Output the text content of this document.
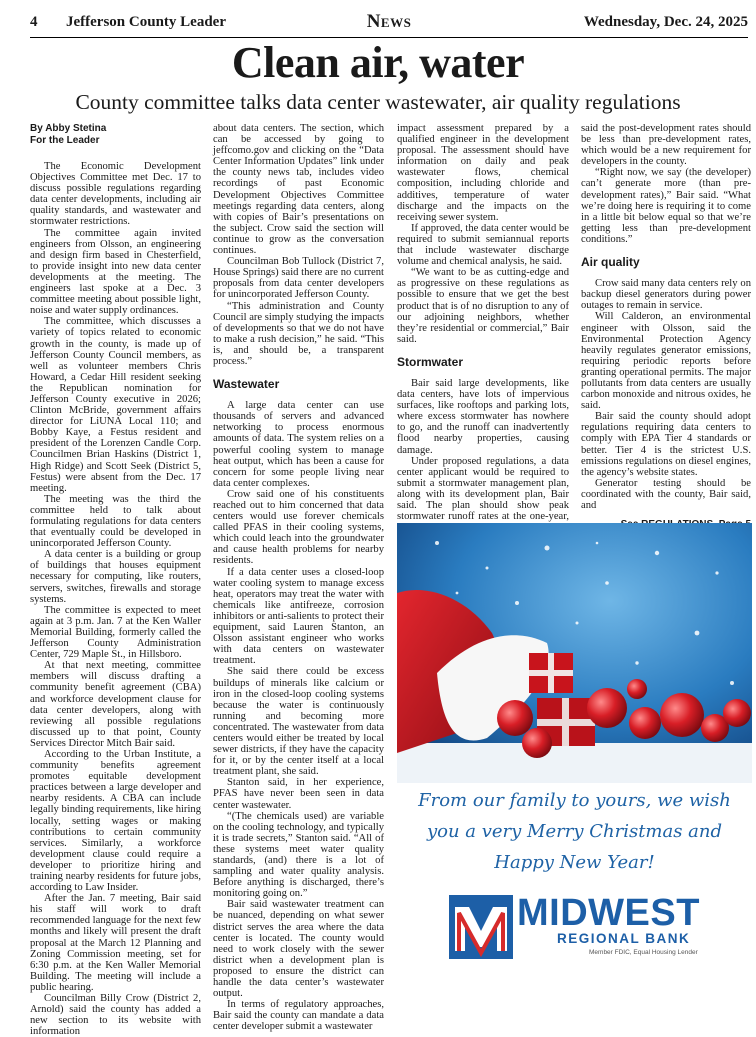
4 Jefferson County Leader	News	Wednesday, Dec. 24, 2025
Clean air, water
County committee talks data center wastewater, air quality regulations
By Abby Stetina
For the Leader

The Economic Development Objectives Committee met Dec. 17 to discuss possible regulations regarding data center developments, including air quality standards, and wastewater and stormwater restrictions.

The committee again invited engineers from Olsson, an engineering and design firm based in Chesterfield, to provide insight into new data center developments at the meeting. The engineers last spoke at a Dec. 3 committee meeting about possible light, noise and water supply ordinances.

The committee, which discusses a variety of topics related to economic growth in the county, is made up of Jefferson County Council members, as well as volunteer members Chris Howard, a Cedar Hill resident seeking the Republican nomination for Jefferson County executive in 2026; Clinton McBride, government affairs director for LiUNA Local 110; and Bobby Kaye, a Festus resident and president of the Lorenzen Candle Corp. Councilmen Brian Haskins (District 1, High Ridge) and Scott Seek (District 5, Festus) were absent from the Dec. 17 meeting.

The meeting was the third the committee held to talk about formulating regulations for data centers that eventually could be developed in unincorporated Jefferson County.

A data center is a building or group of buildings that houses equipment necessary for computing, like routers, servers, switches, firewalls and storage systems.

The committee is expected to meet again at 3 p.m. Jan. 7 at the Ken Waller Memorial Building, formerly called the Jefferson County Administration Center, 729 Maple St., in Hillsboro.

At that next meeting, committee members will discuss drafting a community benefit agreement (CBA) and workforce development clause for data center developers, along with reviewing all possible regulations discussed up to that point, County Services Director Mitch Bair said.

According to the Urban Institute, a community benefits agreement promotes equitable development practices between a large developer and nearby residents. A CBA can include legally binding requirements, like hiring locally, setting wages or making contributions to certain community services. Similarly, a workforce development clause could require a developer to prioritize hiring and training nearby residents for future jobs, according to Law Insider.

After the Jan. 7 meeting, Bair said his staff will work to draft recommended language for the next few months and likely will present the draft proposal at the March 12 Planning and Zoning Commission meeting, set for 6:30 p.m. at the Ken Waller Memorial Building. The meeting will include a public hearing.

Councilman Billy Crow (District 2, Arnold) said the county has added a new section to its website with information

about data centers. The section, which can be accessed by going to jeffcomo.gov and clicking on the “Data Center Information Updates” link under the county news tab, includes video recordings of past Economic Development Objectives Committee meetings regarding data centers, along with copies of Bair’s presentations on the subject. Crow said the section will continue to grow as the conversation continues.

Councilman Bob Tullock (District 7, House Springs) said there are no current proposals from data center developers for unincorporated Jefferson County.

“This administration and County Council are simply studying the impacts of developments so that we do not have to make a rush decision,” he said. “This is, and should be, a transparent process.”

Wastewater

A large data center can use thousands of servers and advanced networking to process enormous amounts of data. The system relies on a powerful cooling system to manage heat output, which has been a cause for concern for some people living near data center complexes.

Crow said one of his constituents reached out to him concerned that data centers would use forever chemicals called PFAS in their cooling systems, which could leach into the groundwater and cause health problems for nearby residents.

If a data center uses a closed-loop water cooling system to manage excess heat, operators may treat the water with chemicals like antifreeze, corrosion inhibitors or anti-salients to protect their equipment, said Lauren Stanton, an Olsson assistant engineer who works with data centers on wastewater treatment.

She said there could be excess buildups of minerals like calcium or iron in the closed-loop cooling systems because the water is continuously running and becoming more concentrated. The wastewater from data centers would either be treated by local sewer districts, if they have the capacity for it, or by the center itself at a local treatment plant, she said.

Stanton said, in her experience, PFAS have never been seen in data center wastewater.

“(The chemicals used) are variable on the cooling technology, and typically it is trade secrets,” Stanton said. “All of these systems meet water quality standards, (and) there is a lot of sampling and water quality analysis. Before anything is discharged, there’s monitoring going on.”

Bair said wastewater treatment can be nuanced, depending on what sewer district serves the area where the data center is located. The county would need to work closely with the sewer district when a development plan is proposed to ensure the district can handle the data center’s wastewater output.

In terms of regulatory approaches, Bair said the county can mandate a data center developer submit a wastewater

impact assessment prepared by a qualified engineer in the development proposal. The assessment should have information on daily and peak wastewater flows, chemical composition, including chloride and additives, temperature of water discharge and the impacts on the receiving sewer system.

If approved, the data center would be required to submit semiannual reports that include wastewater discharge volume and chemical analysis, he said.

“We want to be as cutting-edge and as progressive on these regulations as possible to ensure that we get the best product that is of no disruption to any of our adjoining neighbors, whether they’re residential or commercial,” Bair said.

Stormwater

Bair said large developments, like data centers, have lots of impervious surfaces, like rooftops and parking lots, where excess stormwater has nowhere to go, and the runoff can inadvertently flood nearby properties, causing damage.

Under proposed regulations, a data center applicant would be required to submit a stormwater management plan, along with its development plan, Bair said. The plan should show peak stormwater runoff rates at the one-year,

said the post-development rates should be less than pre-development rates, which would be a new requirement for developers in the county.

“Right now, we say (the developer) can’t generate more (than pre-development rates),” Bair said. “What we’re doing here is requiring it to come in a little bit below equal so that we’re getting less than pre-development conditions.”

Air quality

Crow said many data centers rely on backup diesel generators during power outages to remain in service.

Will Calderon, an environmental engineer with Olsson, said the Environmental Protection Agency heavily regulates generator emissions, requiring periodic reports before granting operational permits. The major pollutants from data centers are usually carbon monoxide and nitrous oxides, he said.

Bair said the county should adopt regulations requiring data centers to comply with EPA Tier 4 standards or better. Tier 4 is the strictest U.S. emissions regulations on diesel engines, the agency’s website states.

Generator testing should be coordinated with the county, Bair said, and

From our family to yours, we wish
you a very Merry Christmas and
Happy New Year!
MIDWEST
REGIONAL BANK
Member FDIC, Equal Housing Lender
